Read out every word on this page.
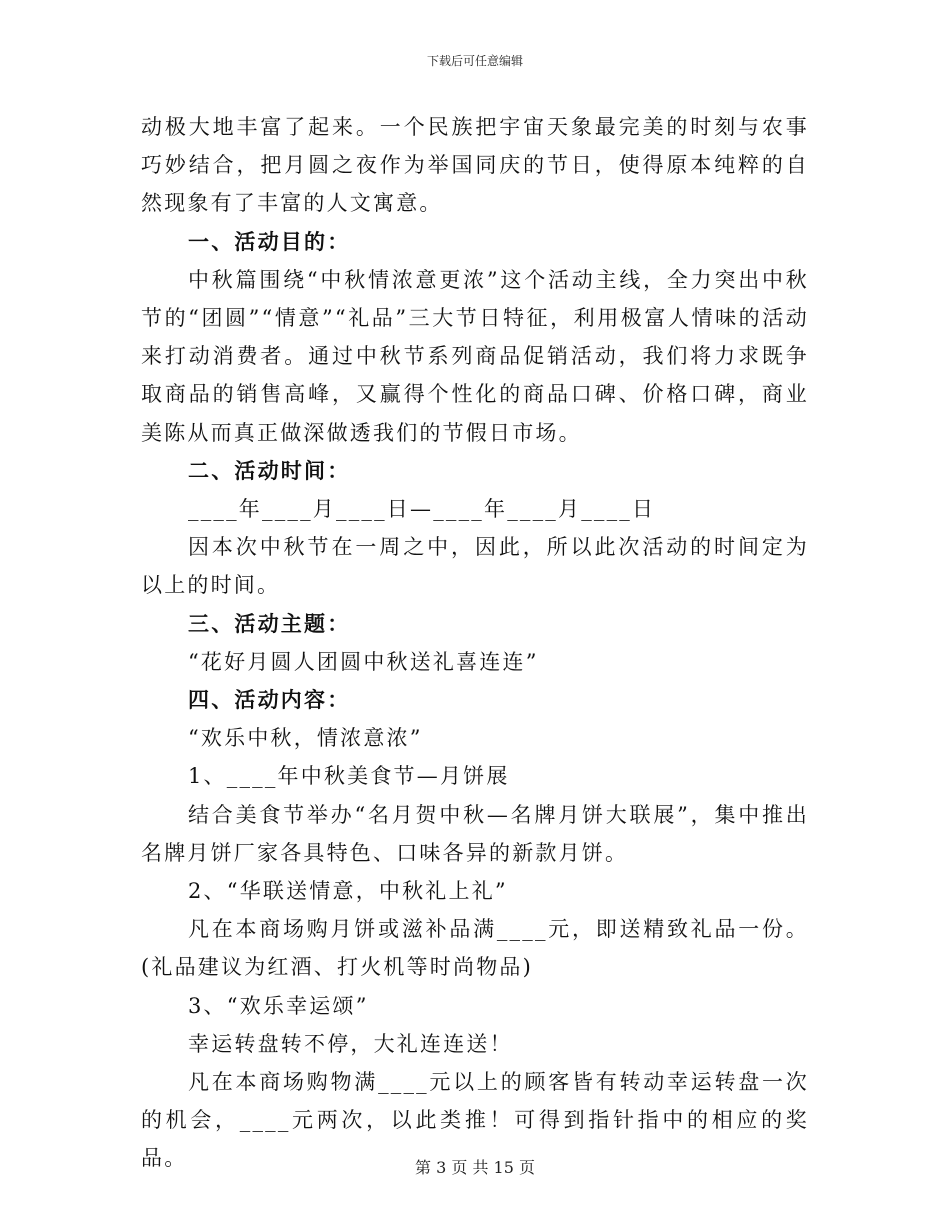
下载后可任意编辑

动极大地丰富了起来。一个民族把宇宙天象最完美的时刻与农事巧妙结合，把月圆之夜作为举国同庆的节日，使得原本纯粹的自然现象有了丰富的人文寓意。

一、活动目的：

中秋篇围绕“中秋情浓意更浓”这个活动主线，全力突出中秋节的“团圆”“情意”“礼品”三大节日特征，利用极富人情味的活动来打动消费者。通过中秋节系列商品促销活动，我们将力求既争取商品的销售高峰，又赢得个性化的商品口碑、价格口碑，商业美陈从而真正做深做透我们的节假日市场。

二、活动时间：

____年____月____日—____年____月____日

因本次中秋节在一周之中，因此，所以此次活动的时间定为以上的时间。

三、活动主题：

“花好月圆人团圆中秋送礼喜连连”

四、活动内容：

“欢乐中秋，情浓意浓”

1、____年中秋美食节—月饼展

结合美食节举办“名月贺中秋—名牌月饼大联展”，集中推出名牌月饼厂家各具特色、口味各异的新款月饼。

2、“华联送情意，中秋礼上礼”

凡在本商场购月饼或滋补品满____元，即送精致礼品一份。(礼品建议为红酒、打火机等时尚物品)

3、“欢乐幸运颂”

幸运转盘转不停，大礼连连送！

凡在本商场购物满____元以上的顾客皆有转动幸运转盘一次的机会，____元两次，以此类推！可得到指针指中的相应的奖品。	第 3 页 共 15 页
